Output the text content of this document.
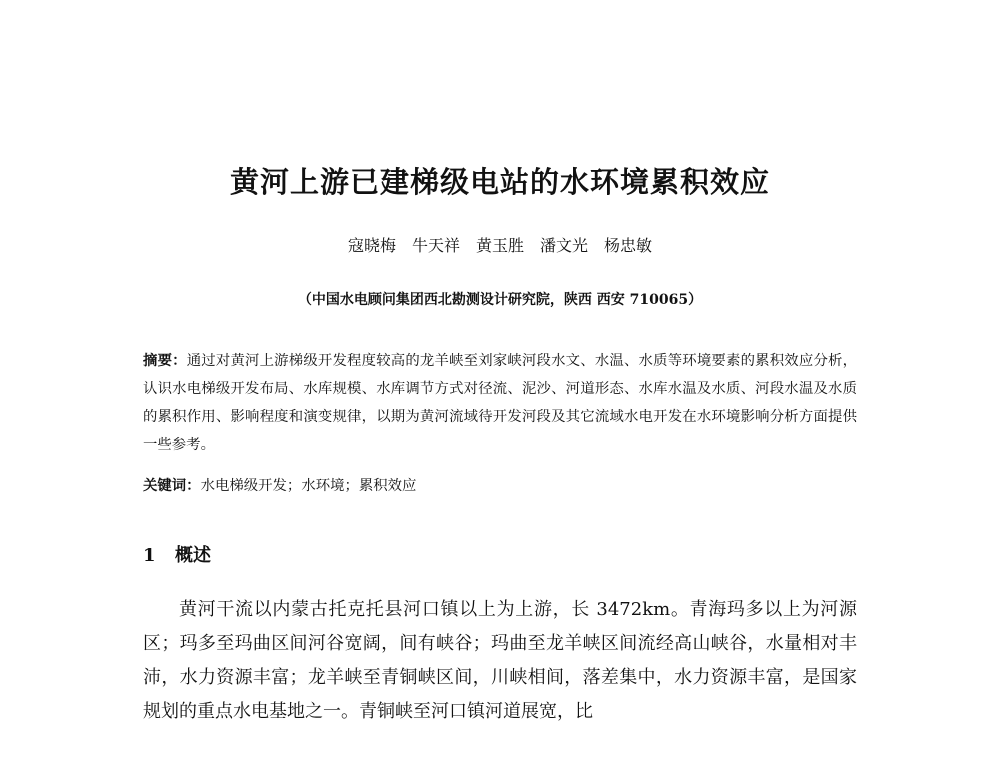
黄河上游已建梯级电站的水环境累积效应
寇晓梅　牛天祥　黄玉胜　潘文光　杨忠敏
（中国水电顾问集团西北勘测设计研究院，陕西 西安 710065）
摘要：通过对黄河上游梯级开发程度较高的龙羊峡至刘家峡河段水文、水温、水质等环境要素的累积效应分析，认识水电梯级开发布局、水库规模、水库调节方式对径流、泥沙、河道形态、水库水温及水质、河段水温及水质的累积作用、影响程度和演变规律，以期为黄河流域待开发河段及其它流域水电开发在水环境影响分析方面提供一些参考。
关键词：水电梯级开发；水环境；累积效应
1 概述
黄河干流以内蒙古托克托县河口镇以上为上游，长 3472km。青海玛多以上为河源区；玛多至玛曲区间河谷宽阔，间有峡谷；玛曲至龙羊峡区间流经高山峡谷，水量相对丰沛，水力资源丰富；龙羊峡至青铜峡区间，川峡相间，落差集中，水力资源丰富，是国家规划的重点水电基地之一。青铜峡至河口镇河道展宽，比
